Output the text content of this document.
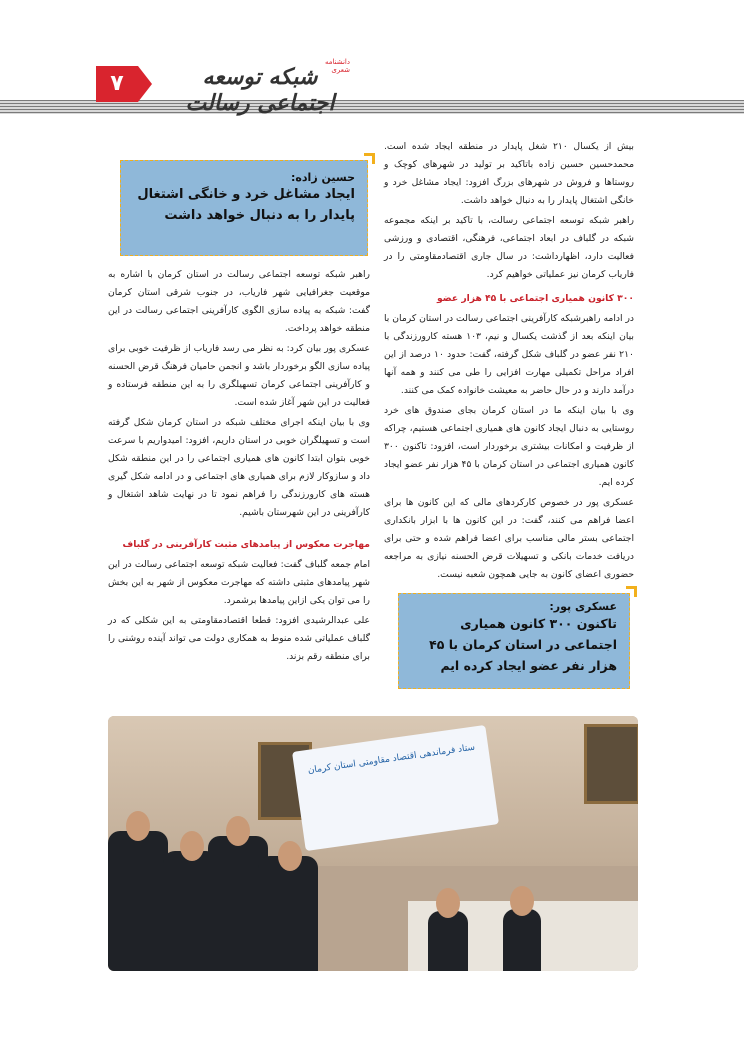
۷
دانشنامه شعری
شبکه توسعه اجتماعی رسالت
حسین زاده:
ایجاد مشاغل خرد و خانگی اشتغال پایدار را به دنبال خواهد داشت

راهبر شبکه توسعه اجتماعی رسالت در استان کرمان با اشاره به موقعیت جغرافیایی شهر فاریاب، در جنوب شرقی استان کرمان گفت: شبکه به پیاده سازی الگوی کارآفرینی اجتماعی رسالت در این منطقه خواهد پرداخت.

عسکری پور بیان کرد: به نظر می رسد فاریاب از ظرفیت خوبی برای پیاده سازی الگو برخوردار باشد و انجمن حامیان فرهنگ قرض الحسنه و کارآفرینی اجتماعی کرمان تسهیلگری را به این منطقه فرستاده و فعالیت در این شهر آغاز شده است.

وی با بیان اینکه اجرای مختلف شبکه در استان کرمان شکل گرفته است و تسهیلگران خوبی در استان داریم، افزود: امیدواریم با سرعت خوبی بتوان ابتدا کانون های همیاری اجتماعی را در این منطقه شکل داد و سازوکار لازم برای همیاری های اجتماعی و در ادامه شکل گیری هسته های کارورزندگی را فراهم نمود تا در نهایت شاهد اشتغال و کارآفرینی در این شهرستان باشیم.

مهاجرت معکوس از پیامدهای مثبت کارآفرینی در گلباف

امام جمعه گلباف گفت: فعالیت شبکه توسعه اجتماعی رسالت در این شهر پیامدهای مثبتی داشته که مهاجرت معکوس از شهر به این بخش را می توان یکی ازاین پیامدها برشمرد.

علی عبدالرشیدی افزود: قطعا اقتصادمقاومتی به این شکلی که در گلباف عملیاتی شده منوط به همکاری دولت می تواند آینده روشنی را برای منطقه رقم بزند.

بیش از یکسال ۲۱۰ شغل پایدار در منطقه ایجاد شده است. محمدحسین حسین زاده باتاکید بر تولید در شهرهای کوچک و روستاها و فروش در شهرهای بزرگ افزود: ایجاد مشاغل خرد و خانگی اشتغال پایدار را به دنبال خواهد داشت.

راهبر شبکه توسعه اجتماعی رسالت، با تاکید بر اینکه مجموعه شبکه در گلباف در ابعاد اجتماعی، فرهنگی، اقتصادی و ورزشی فعالیت دارد، اظهارداشت: در سال جاری اقتصادمقاومتی را در فاریاب کرمان نیز عملیاتی خواهیم کرد.

۳۰۰ کانون همیاری اجتماعی با ۴۵ هزار عضو

در ادامه راهبرشبکه کارآفرینی اجتماعی رسالت در استان کرمان با بیان اینکه بعد از گذشت یکسال و نیم، ۱۰۳ هسته کارورزندگی با ۲۱۰ نفر عضو در گلباف شکل گرفته، گفت: حدود ۱۰ درصد از این افراد مراحل تکمیلی مهارت افزایی را طی می کنند و همه آنها درآمد دارند و در حال حاضر به معیشت خانواده کمک می کنند.

وی با بیان اینکه ما در استان کرمان بجای صندوق های خرد روستایی به دنبال ایجاد کانون های همیاری اجتماعی هستیم، چراکه از ظرفیت و امکانات بیشتری برخوردار است، افزود: تاکنون ۳۰۰ کانون همیاری اجتماعی در استان کرمان با ۴۵ هزار نفر عضو ایجاد کرده ایم.

عسکری پور در خصوص کارکردهای مالی که این کانون ها برای اعضا فراهم می کنند، گفت: در این کانون ها با ابزار بانکداری اجتماعی بستر مالی مناسب برای اعضا فراهم شده و حتی برای دریافت خدمات بانکی و تسهیلات قرض الحسنه نیازی به مراجعه حضوری اعضای کانون به جایی همچون شعبه نیست.

عسکری پور:
تاکنون ۳۰۰ کانون همیاری اجتماعی در استان کرمان با ۴۵ هزار نفر عضو ایجاد کرده ایم
ستاد فرماندهی اقتصاد مقاومتی استان کرمان
